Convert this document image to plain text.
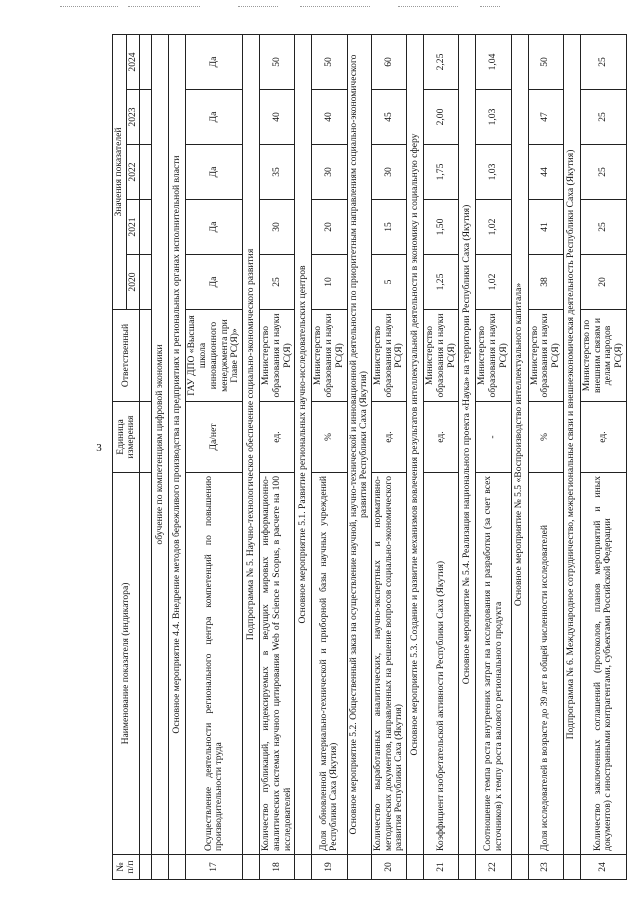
3
№ п/п	Наименование показателя (индикатора)	Единица измерения	Ответственный	Значения показателей				
				2020	2021	2022	2023	2024

	обучение по компетенциям цифровой экономики							
	Основное мероприятие 4.4. Внедрение методов бережливого производства на предприятиях и региональных органах исполнительной власти							
17	Осуществление деятельности регионального центра компетенций по повышению производительности труда	Да/нет	ГАУ ДПО «Высшая школа инновационного менеджмента при Главе РС(Я)»	Да	Да	Да	Да	Да
	Подпрограмма № 5. Научно-технологическое обеспечение социально-экономического развития							
18	Количество публикаций, индексируемых в ведущих мировых информационно-аналитических системах научного цитирования Web of Science и Scopus, в расчете на 100 исследователей	ед.	Министерство образования и науки РС(Я)	25	30	35	40	50
	Основное мероприятие 5.1. Развитие региональных научно-исследовательских центров							
19	Доля обновленной материально-технической и приборной базы научных учреждений Республики Саха (Якутия)	%	Министерство образования и науки РС(Я)	10	20	30	40	50
	Основное мероприятие 5.2. Общественный заказ на осуществление научной, научно-технической и инновационной деятельности по приоритетным направлениям социально-экономического развития Республики Саха (Якутия)							
20	Количество выработанных аналитических, научно-экспертных и нормативно-методических документов, направленных на решение вопросов социально-экономического развития Республики Саха (Якутия)	ед.	Министерство образования и науки РС(Я)	5	15	30	45	60
	Основное мероприятие 5.3. Создание и развитие механизмов вовлечения результатов интеллектуальной деятельности в экономику и социальную сферу							
21	Коэффициент изобретательской активности Республики Саха (Якутия)	ед.	Министерство образования и науки РС(Я)	1,25	1,50	1,75	2,00	2,25
	Основное мероприятие № 5.4. Реализация национального проекта «Наука» на территории Республики Саха (Якутия)							
22	Соотношение темпа роста внутренних затрат на исследования и разработки (за счет всех источников) к темпу роста валового регионального продукта	-	Министерство образования и науки РС(Я)	1,02	1,02	1,03	1,03	1,04
	Основное мероприятие № 5.5 «Воспроизводство интеллектуального капитала»							
23	Доля исследователей в возрасте до 39 лет в общей численности исследователей	%	Министерство образования и науки РС(Я)	38	41	44	47	50
	Подпрограмма № 6. Международное сотрудничество, межрегиональные связи и внешнеэкономическая деятельность Республики Саха (Якутия)							
24	Количество заключенных соглашений (протоколов, планов мероприятий и иных документов) с иностранными контрагентами, субъектами Российской Федерации	ед.	Министерство по внешним связям и делам народов РС(Я)	20	25	25	25	25
